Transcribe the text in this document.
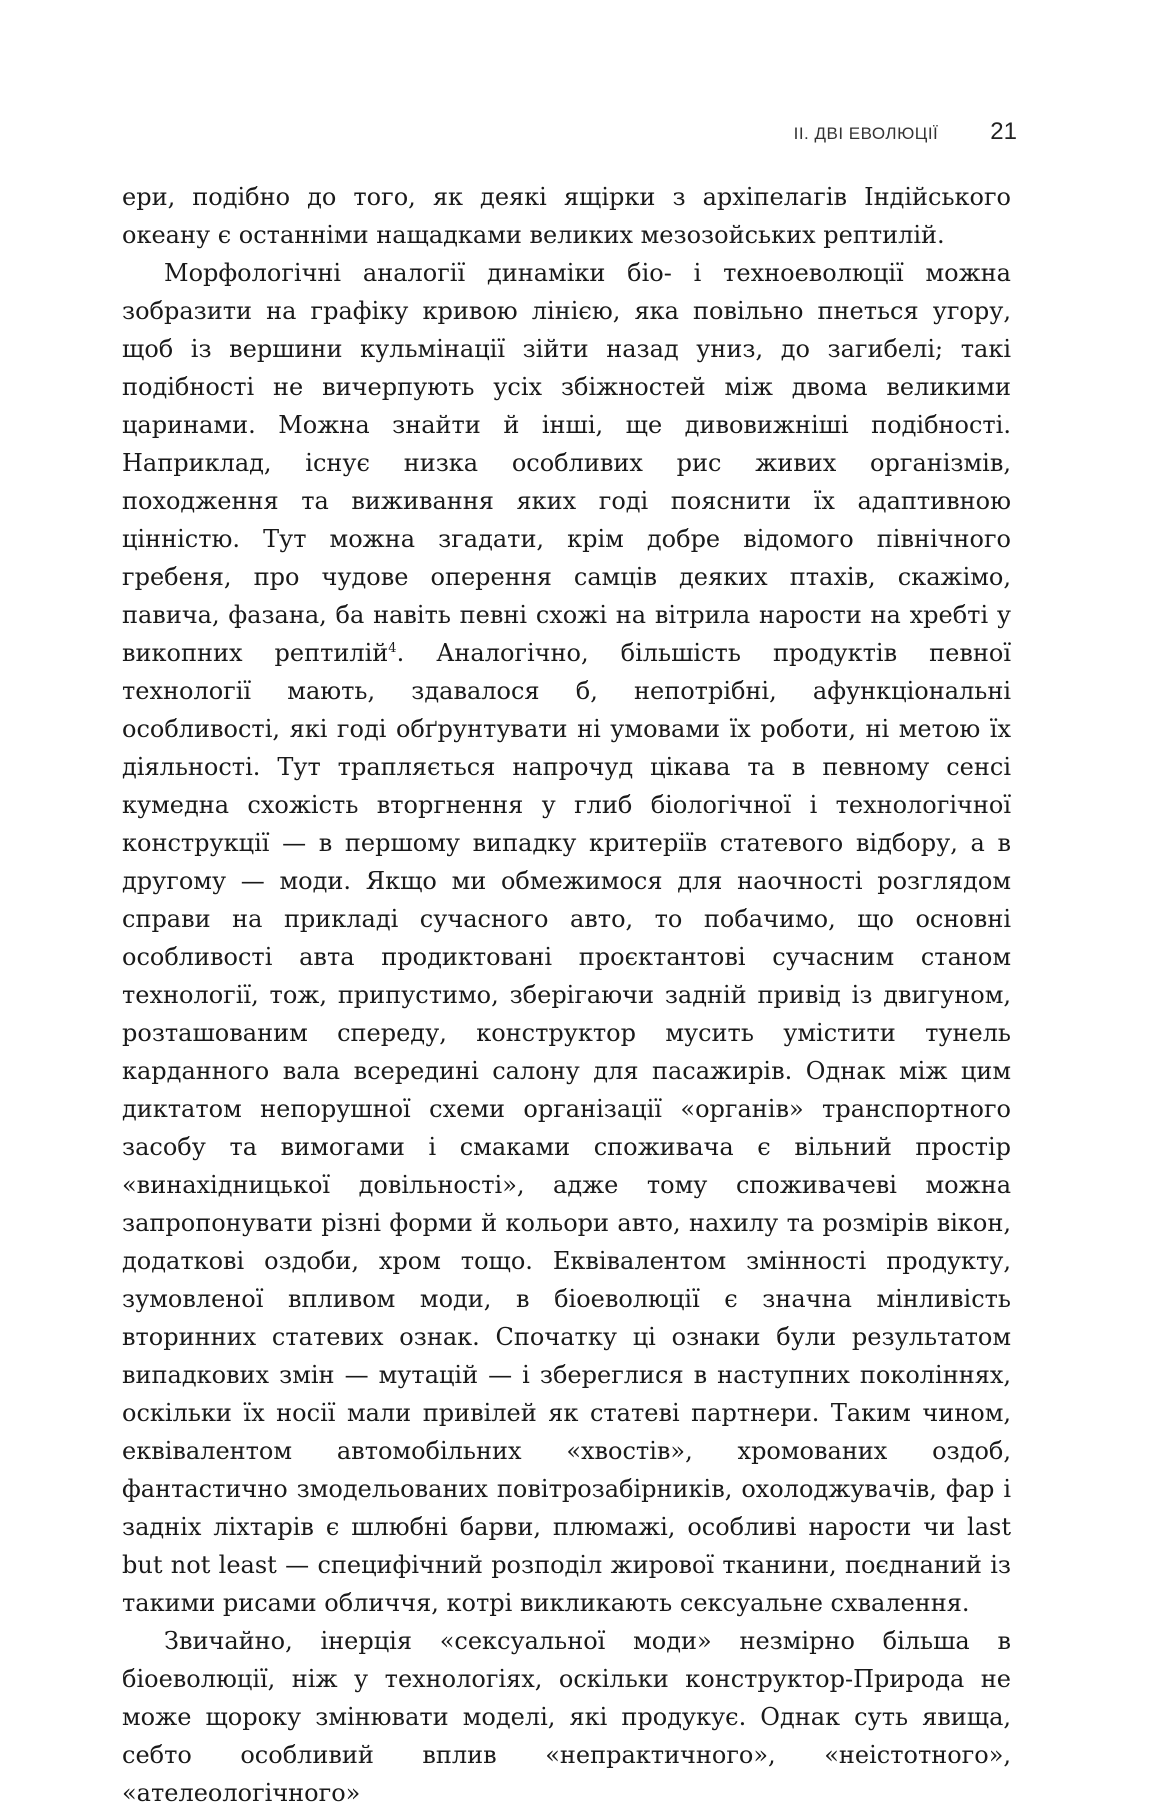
ІІ. ДВІ ЕВОЛЮЦІЇ 21

ери, подібно до того, як деякі ящірки з архіпелагів Індійського океану є останніми нащадками великих мезозойських рептилій.

Морфологічні аналогії динаміки біо- і техноеволюції можна зобразити на графіку кривою лінією, яка повільно пнеться угору, щоб із вершини кульмінації зійти назад униз, до загибелі; такі подібності не вичерпують усіх збіжностей між двома великими царинами. Можна знайти й інші, ще дивовижніші подібності. Наприклад, існує низка особливих рис живих організмів, походження та виживання яких годі пояснити їх адаптивною цінністю. Тут можна згадати, крім добре відомого північного гребеня, про чудове оперення самців деяких птахів, скажімо, павича, фазана, ба навіть певні схожі на вітрила нарости на хребті у викопних рептилій$^4$. Аналогічно, більшість продуктів певної технології мають, здавалося б, непотрібні, афункціональні особливості, які годі обґрунтувати ні умовами їх роботи, ні метою їх діяльності. Тут трапляється напрочуд цікава та в певному сенсі кумедна схожість вторгнення у глиб біологічної і технологічної конструкції — в першому випадку критеріїв статевого відбору, а в другому — моди. Якщо ми обмежимося для наочності розглядом справи на прикладі сучасного авто, то побачимо, що основні особливості авта продиктовані проєктантові сучасним станом технології, тож, припустимо, зберігаючи задній привід із двигуном, розташованим спереду, конструктор мусить умістити тунель карданного вала всередині салону для пасажирів. Однак між цим диктатом непорушної схеми організації «органів» транспортного засобу та вимогами і смаками споживача є вільний простір «винахідницької довільності», адже тому споживачеві можна запропонувати різні форми й кольори авто, нахилу та розмірів вікон, додаткові оздоби, хром тощо. Еквівалентом змінності продукту, зумовленої впливом моди, в біоеволюції є значна мінливість вторинних статевих ознак. Спочатку ці ознаки були результатом випадкових змін — мутацій — і збереглися в наступних поколіннях, оскільки їх носії мали привілей як статеві партнери. Таким чином, еквівалентом автомобільних «хвостів», хромованих оздоб, фантастично змодельованих повітрозабірників, охолоджувачів, фар і задніх ліхтарів є шлюбні барви, плюмажі, особливі нарости чи last but not least — специфічний розподіл жирової тканини, поєднаний із такими рисами обличчя, котрі викликають сексуальне схвалення.

Звичайно, інерція «сексуальної моди» незмірно більша в біоеволюції, ніж у технологіях, оскільки конструктор-Природа не може щороку змінювати моделі, які продукує. Однак суть явища, себто особливий вплив «непрактичного», «неістотного», «ателеологічного»
